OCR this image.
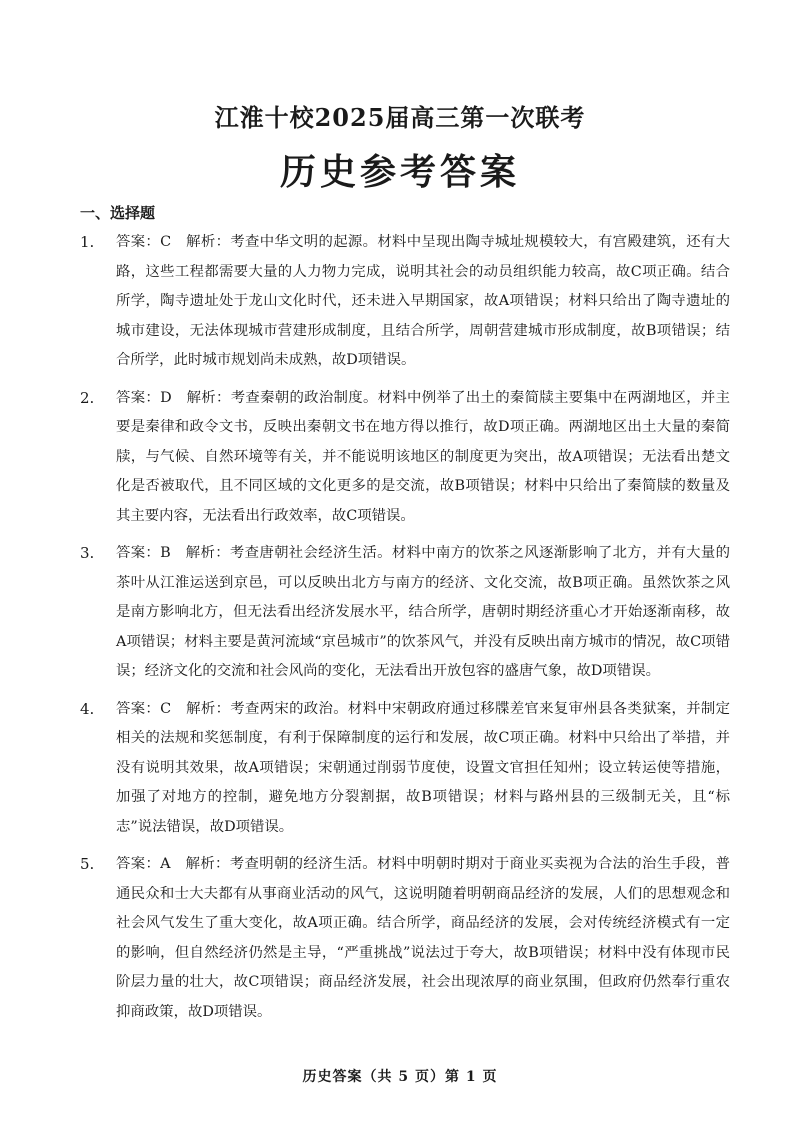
江淮十校2025届高三第一次联考
历史参考答案
一、选择题
1. 答案：C　解析：考查中华文明的起源。材料中呈现出陶寺城址规模较大，有宫殿建筑，还有大路，这些工程都需要大量的人力物力完成，说明其社会的动员组织能力较高，故C项正确。结合所学，陶寺遗址处于龙山文化时代，还未进入早期国家，故A项错误；材料只给出了陶寺遗址的城市建设，无法体现城市营建形成制度，且结合所学，周朝营建城市形成制度，故B项错误；结合所学，此时城市规划尚未成熟，故D项错误。
2. 答案：D　解析：考查秦朝的政治制度。材料中例举了出土的秦简牍主要集中在两湖地区，并主要是秦律和政令文书，反映出秦朝文书在地方得以推行，故D项正确。两湖地区出土大量的秦简牍，与气候、自然环境等有关，并不能说明该地区的制度更为突出，故A项错误；无法看出楚文化是否被取代，且不同区域的文化更多的是交流，故B项错误；材料中只给出了秦简牍的数量及其主要内容，无法看出行政效率，故C项错误。
3. 答案：B　解析：考查唐朝社会经济生活。材料中南方的饮茶之风逐渐影响了北方，并有大量的茶叶从江淮运送到京邑，可以反映出北方与南方的经济、文化交流，故B项正确。虽然饮茶之风是南方影响北方，但无法看出经济发展水平，结合所学，唐朝时期经济重心才开始逐渐南移，故A项错误；材料主要是黄河流域“京邑城市”的饮茶风气，并没有反映出南方城市的情况，故C项错误；经济文化的交流和社会风尚的变化，无法看出开放包容的盛唐气象，故D项错误。
4. 答案：C　解析：考查两宋的政治。材料中宋朝政府通过移牒差官来复审州县各类狱案，并制定相关的法规和奖惩制度，有利于保障制度的运行和发展，故C项正确。材料中只给出了举措，并没有说明其效果，故A项错误；宋朝通过削弱节度使，设置文官担任知州；设立转运使等措施，加强了对地方的控制，避免地方分裂割据，故B项错误；材料与路州县的三级制无关，且“标志”说法错误，故D项错误。
5. 答案：A　解析：考查明朝的经济生活。材料中明朝时期对于商业买卖视为合法的治生手段，普通民众和士大夫都有从事商业活动的风气，这说明随着明朝商品经济的发展，人们的思想观念和社会风气发生了重大变化，故A项正确。结合所学，商品经济的发展，会对传统经济模式有一定的影响，但自然经济仍然是主导，“严重挑战”说法过于夸大，故B项错误；材料中没有体现市民阶层力量的壮大，故C项错误；商品经济发展，社会出现浓厚的商业氛围，但政府仍然奉行重农抑商政策，故D项错误。
历史答案（共 5 页）第 1 页
